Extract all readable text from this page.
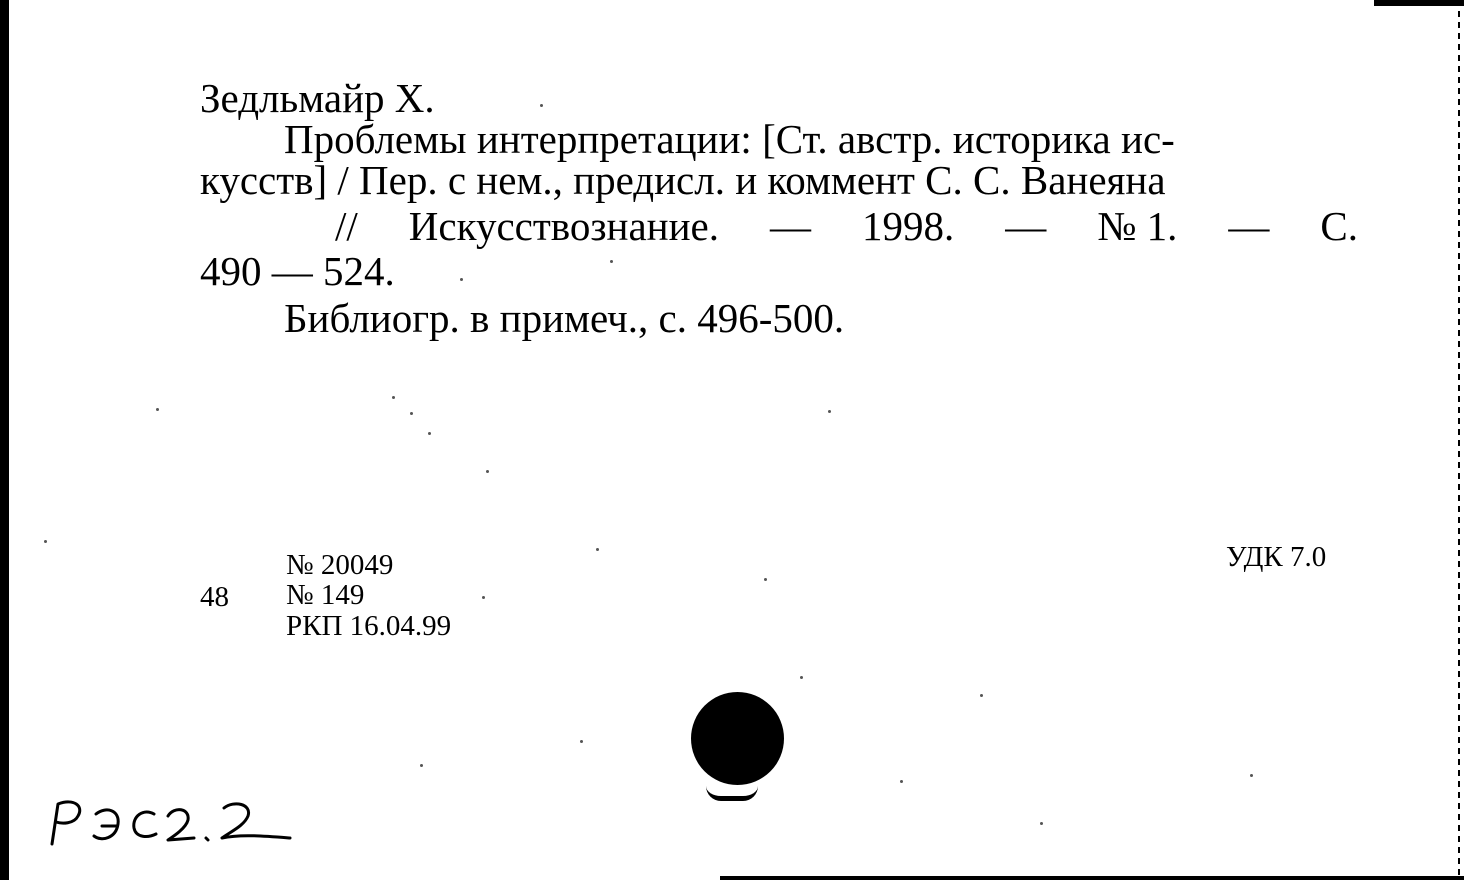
Зедльмайр Х.
Проблемы интерпретации: [Ст. австр. историка ис-
кусств] / Пер. с нем., предисл. и коммент С. С. Ванеяна
// Искусствознание. — 1998. — № 1. — С.
490 — 524.
Библиогр. в примеч., с. 496-500.
№ 20049
48 № 149
РКП 16.04.99
УДК 7.0
